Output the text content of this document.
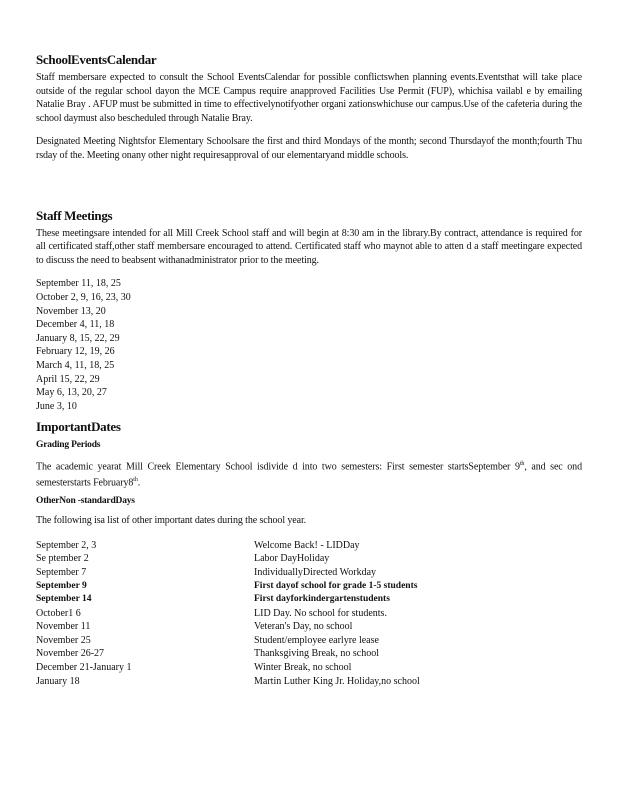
SchoolEventsCalendar

Staff membersare expected to consult the School EventsCalendar for possible conflictswhen planning events.Eventsthat will take place outside of the regular school dayon the MCE Campus require anapproved Facilities Use Permit (FUP), whichisa vailabl e by emailing Natalie Bray . AFUP must be submitted in time to effectivelynotifyother organi zationswhichuse our campus.Use of the cafeteria during the school daymust also bescheduled through Natalie Bray.

Designated Meeting Nightsfor Elementary Schoolsare the first and third Mondays of the month; second Thursdayof the month;fourth Thu rsday of the. Meeting onany other night requiresapproval of our elementaryand middle schools.

Staff Meetings

These meetingsare intended for all Mill Creek School staff and will begin at 8:30 am in the library.By contract, attendance is required for all certificated staff,other staff membersare encouraged to attend. Certificated staff who maynot able to atten d a staff meetingare expected to discuss the need to beabsent withanadministrator prior to the meeting.

September 11, 18, 25
October 2, 9, 16, 23, 30
November 13, 20
December 4, 11, 18
January 8, 15, 22, 29
February 12, 19, 26
March 4, 11, 18, 25
April 15, 22, 29
May 6, 13, 20, 27
June 3, 10
ImportantDates
Grading Periods

The academic yearat Mill Creek Elementary School isdivide d into two semesters: First semester startsSeptember 9th, and sec ond semesterstarts February8th.

OtherNon -standardDays

The following isa list of other important dates during the school year.

September 2, 3	Welcome Back! - LIDDay
Se ptember 2	Labor DayHoliday
September 7	IndividuallyDirected Workday
September 9	First dayof school for grade 1-5 students
September 14	First dayforkindergartenstudents
October1 6	LID Day. No school for students.
November 11	Veteran's Day, no school
November 25	Student/employee earlyre lease
November 26-27	Thanksgiving Break, no school
December 21-January 1	Winter Break, no school
January 18	Martin Luther King Jr. Holiday,no school
